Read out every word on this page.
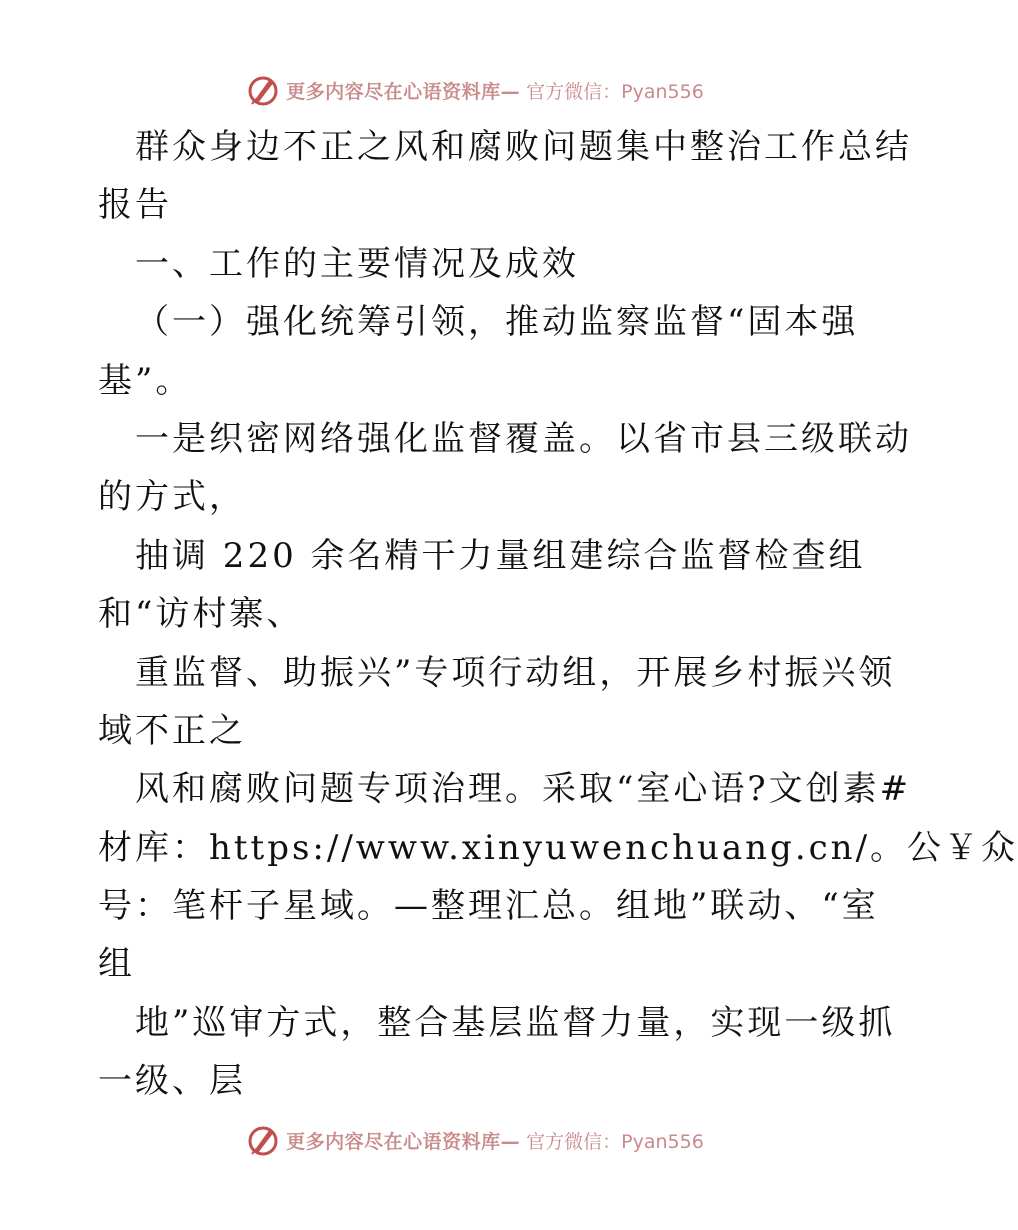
更多内容尽在心语资料库— 官方微信：Pyan556
群众身边不正之风和腐败问题集中整治工作总结
报告
一、工作的主要情况及成效
（一）强化统筹引领，推动监察监督“固本强
基”。
一是织密网络强化监督覆盖。以省市县三级联动
的方式，
抽调 220 余名精干力量组建综合监督检查组
和“访村寨、
重监督、助振兴”专项行动组，开展乡村振兴领
域不正之
风和腐败问题专项治理。采取“室心语?文创素#
材库：https://www.xinyuwenchuang.cn/。公￥众
号：笔杆子星域。—整理汇总。组地”联动、“室
组
地”巡审方式，整合基层监督力量，实现一级抓
一级、层
更多内容尽在心语资料库— 官方微信：Pyan556
